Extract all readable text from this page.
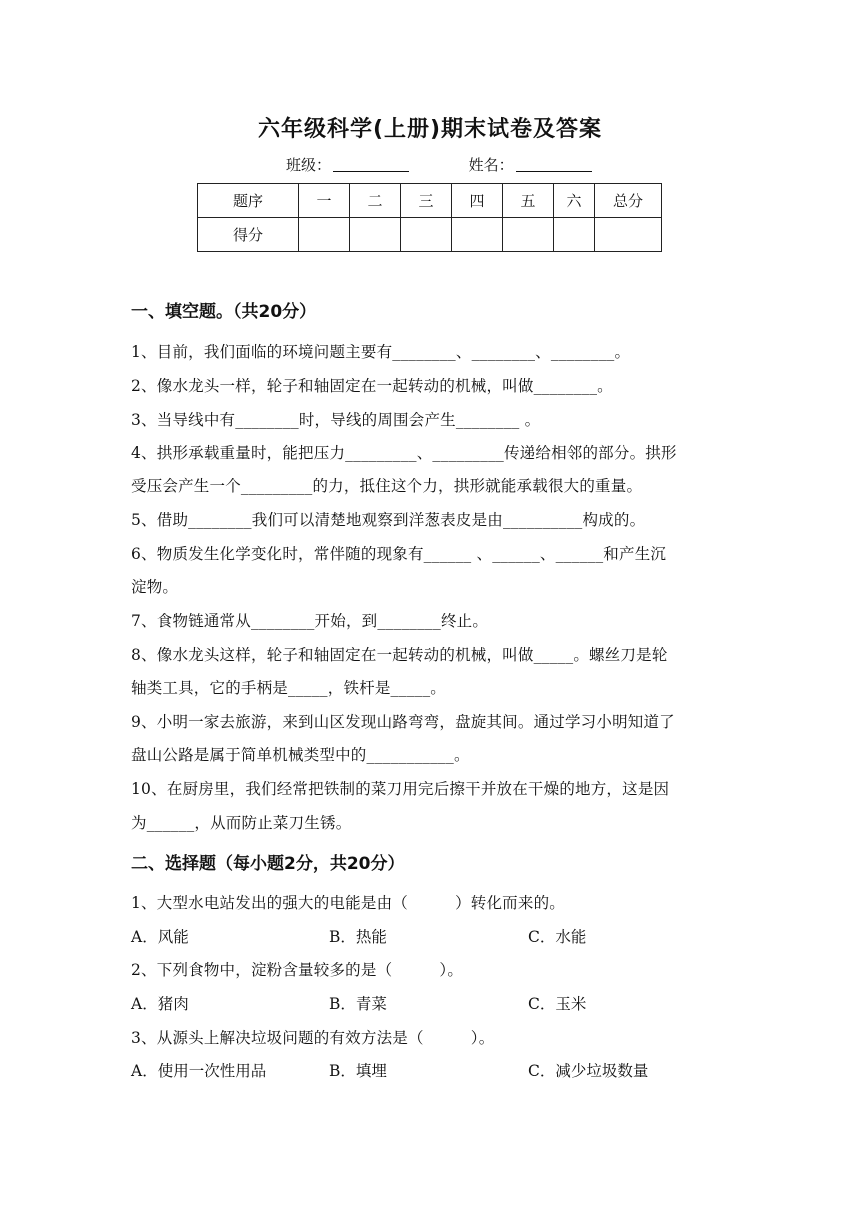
六年级科学(上册)期末试卷及答案
班级：	姓名：
题序	一	二	三	四	五	六	总分
得分							
一、填空题。（共20分）
1、目前，我们面临的环境问题主要有________、________、________。
2、像水龙头一样，轮子和轴固定在一起转动的机械，叫做________。
3、当导线中有________时，导线的周围会产生________ 。
4、拱形承载重量时，能把压力_________、_________传递给相邻的部分。拱形
受压会产生一个_________的力，抵住这个力，拱形就能承载很大的重量。
5、借助________我们可以清楚地观察到洋葱表皮是由__________构成的。
6、物质发生化学变化时，常伴随的现象有______ 、______、______和产生沉
淀物。
7、食物链通常从________开始，到________终止。
8、像水龙头这样，轮子和轴固定在一起转动的机械，叫做_____。螺丝刀是轮
轴类工具，它的手柄是_____，铁杆是_____。
9、小明一家去旅游，来到山区发现山路弯弯，盘旋其间。通过学习小明知道了
盘山公路是属于简单机械类型中的___________。
10、在厨房里，我们经常把铁制的菜刀用完后擦干并放在干燥的地方，这是因
为______，从而防止菜刀生锈。
二、选择题（每小题2分，共20分）
1、大型水电站发出的强大的电能是由（　　　）转化而来的。
A．风能	B．热能	C．水能
2、下列食物中，淀粉含量较多的是（　　　）。
A．猪肉	B．青菜	C．玉米
3、从源头上解决垃圾问题的有效方法是（　　　）。
A．使用一次性用品	B．填埋	C．减少垃圾数量
